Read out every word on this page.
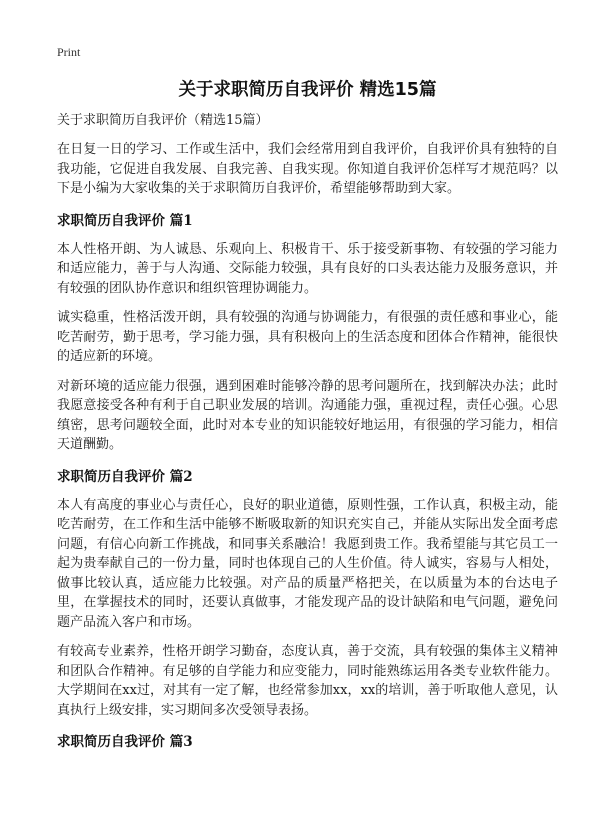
Print
关于求职简历自我评价 精选15篇

关于求职简历自我评价（精选15篇）

在日复一日的学习、工作或生活中，我们会经常用到自我评价，自我评价具有独特的自我功能，它促进自我发展、自我完善、自我实现。你知道自我评价怎样写才规范吗？以下是小编为大家收集的关于求职简历自我评价，希望能够帮助到大家。

求职简历自我评价 篇1

本人性格开朗、为人诚恳、乐观向上、积极肯干、乐于接受新事物、有较强的学习能力和适应能力，善于与人沟通、交际能力较强，具有良好的口头表达能力及服务意识，并有较强的团队协作意识和组织管理协调能力。

诚实稳重，性格活泼开朗，具有较强的沟通与协调能力，有很强的责任感和事业心，能吃苦耐劳，勤于思考，学习能力强，具有积极向上的生活态度和团体合作精神，能很快的适应新的环境。

对新环境的适应能力很强，遇到困难时能够冷静的思考问题所在，找到解决办法；此时我愿意接受各种有利于自己职业发展的培训。沟通能力强，重视过程，责任心强。心思缜密，思考问题较全面，此时对本专业的知识能较好地运用，有很强的学习能力，相信天道酬勤。

求职简历自我评价 篇2

本人有高度的事业心与责任心，良好的职业道德，原则性强，工作认真，积极主动，能吃苦耐劳，在工作和生活中能够不断吸取新的知识充实自己，并能从实际出发全面考虑问题，有信心向新工作挑战，和同事关系融洽！我愿到贵工作。我希望能与其它员工一起为贵奉献自己的一份力量，同时也体现自己的人生价值。待人诚实，容易与人相处，做事比较认真，适应能力比较强。对产品的质量严格把关，在以质量为本的台达电子里，在掌握技术的同时，还要认真做事，才能发现产品的设计缺陷和电气问题，避免问题产品流入客户和市场。

有较高专业素养，性格开朗学习勤奋，态度认真，善于交流，具有较强的集体主义精神和团队合作精神。有足够的自学能力和应变能力，同时能熟练运用各类专业软件能力。大学期间在xx过，对其有一定了解，也经常参加xx，xx的培训，善于听取他人意见，认真执行上级安排，实习期间多次受领导表扬。

求职简历自我评价 篇3
